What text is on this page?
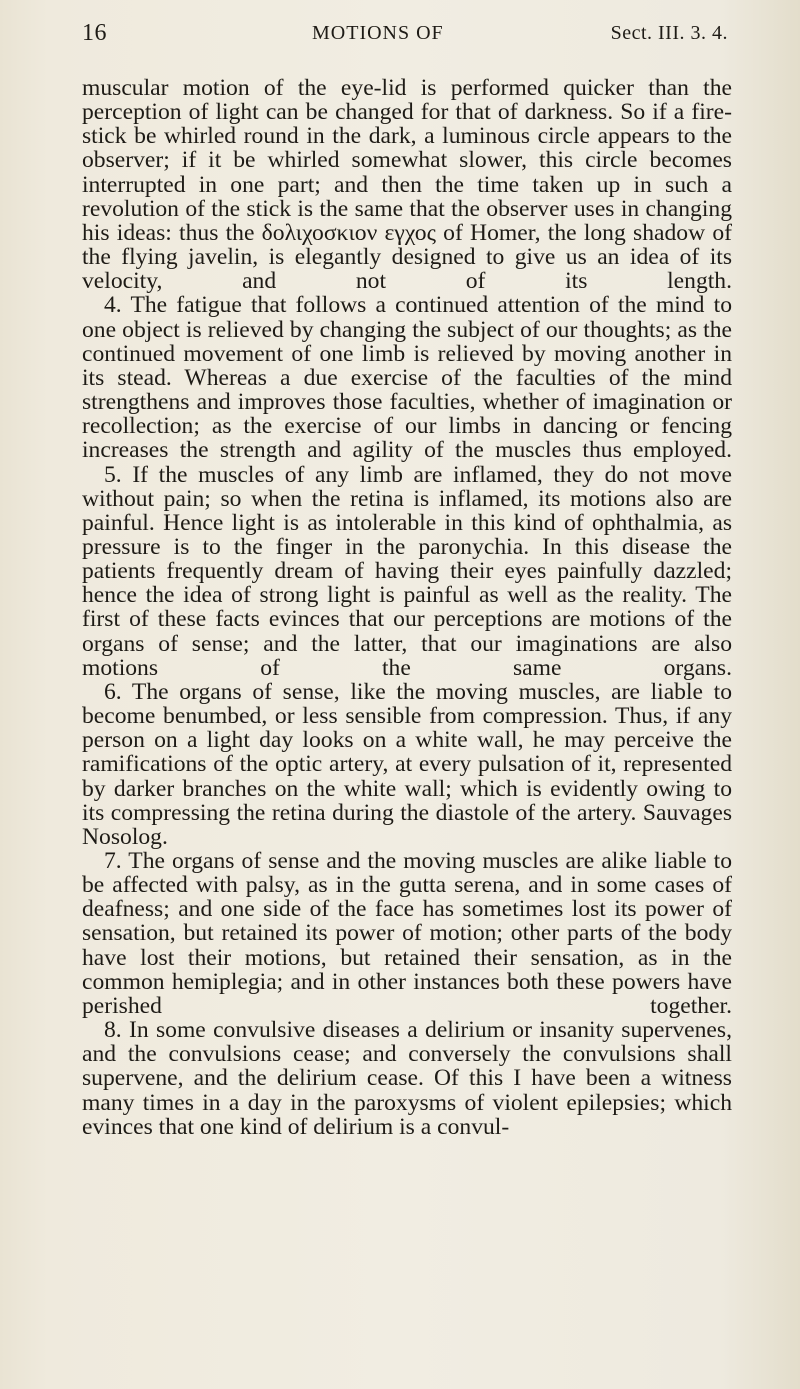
16	MOTIONS OF	Sect. III. 3. 4.

muscular motion of the eye-lid is performed quicker than the perception of light can be changed for that of darkness. So if a fire-stick be whirled round in the dark, a luminous circle appears to the observer; if it be whirled somewhat slower, this circle becomes interrupted in one part; and then the time taken up in such a revolution of the stick is the same that the observer uses in changing his ideas: thus the δολιχοσκιον εγχος of Homer, the long shadow of the flying javelin, is elegantly designed to give us an idea of its velocity, and not of its length.

4. The fatigue that follows a continued attention of the mind to one object is relieved by changing the subject of our thoughts; as the continued movement of one limb is relieved by moving another in its stead. Whereas a due exercise of the faculties of the mind strengthens and improves those faculties, whether of imagination or recollection; as the exercise of our limbs in dancing or fencing increases the strength and agility of the muscles thus employed.

5. If the muscles of any limb are inflamed, they do not move without pain; so when the retina is inflamed, its motions also are painful. Hence light is as intolerable in this kind of ophthalmia, as pressure is to the finger in the paronychia. In this disease the patients frequently dream of having their eyes painfully dazzled; hence the idea of strong light is painful as well as the reality. The first of these facts evinces that our perceptions are motions of the organs of sense; and the latter, that our imaginations are also motions of the same organs.

6. The organs of sense, like the moving muscles, are liable to become benumbed, or less sensible from compression. Thus, if any person on a light day looks on a white wall, he may perceive the ramifications of the optic artery, at every pulsation of it, represented by darker branches on the white wall; which is evidently owing to its compressing the retina during the diastole of the artery. Sauvages Nosolog.

7. The organs of sense and the moving muscles are alike liable to be affected with palsy, as in the gutta serena, and in some cases of deafness; and one side of the face has sometimes lost its power of sensation, but retained its power of motion; other parts of the body have lost their motions, but retained their sensation, as in the common hemiplegia; and in other instances both these powers have perished together.

8. In some convulsive diseases a delirium or insanity supervenes, and the convulsions cease; and conversely the convulsions shall supervene, and the delirium cease. Of this I have been a witness many times in a day in the paroxysms of violent epilepsies; which evinces that one kind of delirium is a convul-
